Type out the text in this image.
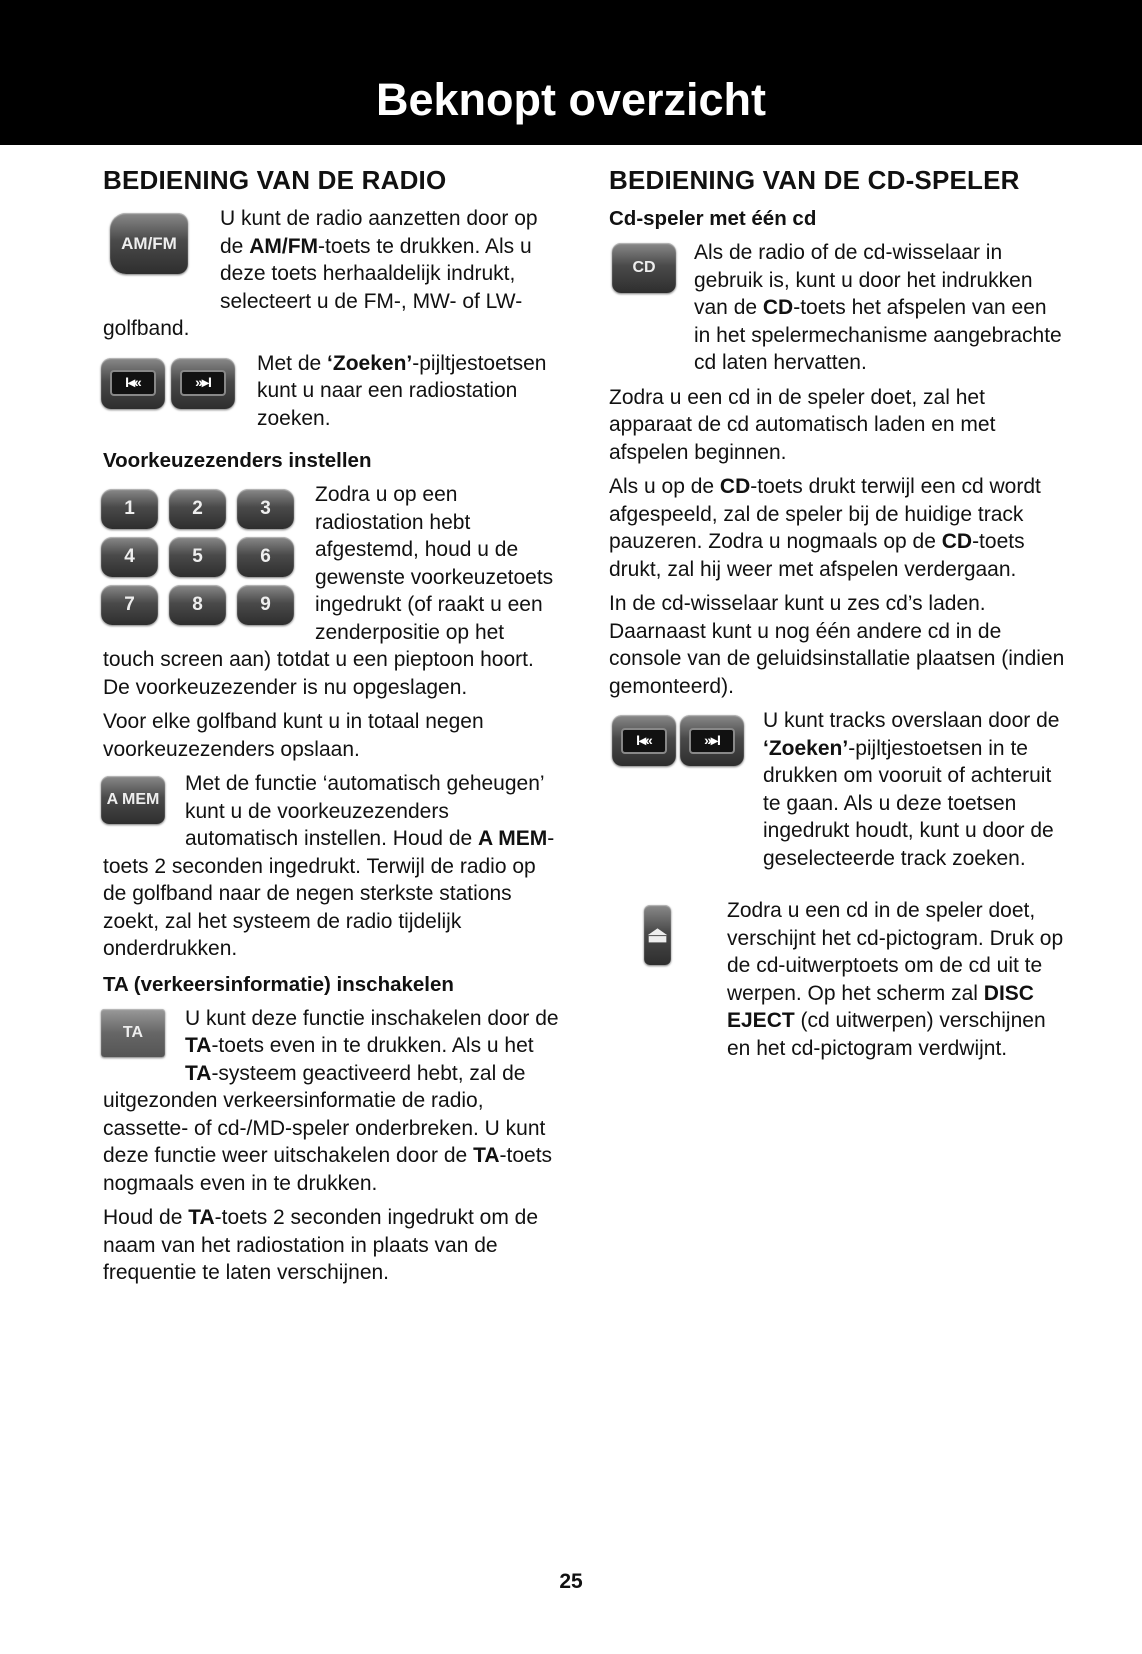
Beknopt overzicht
BEDIENING VAN DE RADIO
AM/FM

U kunt de radio aanzetten door op de AM/FM-toets te drukken. Als u deze toets herhaaldelijk indrukt, selecteert u de FM-, MW- of LW-golfband.

I◂«	»▸I

Met de ‘Zoeken’-pijltjestoetsen kunt u naar een radiostation zoeken.

Voorkeuzezenders instellen
1	2	3
4	5	6
7	8	9

Zodra u op een radiostation hebt afgestemd, houd u de gewenste voorkeuzetoets ingedrukt (of raakt u een zenderpositie op het touch screen aan) totdat u een pieptoon hoort. De voorkeuzezender is nu opgeslagen.

Voor elke golfband kunt u in totaal negen voorkeuzezenders opslaan.

A MEM

Met de functie ‘automatisch geheugen’ kunt u de voorkeuzezenders automatisch instellen. Houd de A MEM-toets 2 seconden ingedrukt. Terwijl de radio op de golfband naar de negen sterkste stations zoekt, zal het systeem de radio tijdelijk onderdrukken.

TA (verkeersinformatie) inschakelen
TA

U kunt deze functie inschakelen door de TA-toets even in te drukken. Als u het TA-systeem geactiveerd hebt, zal de uitgezonden verkeersinformatie de radio, cassette- of cd-/MD-speler onderbreken. U kunt deze functie weer uitschakelen door de TA-toets nogmaals even in te drukken.

Houd de TA-toets 2 seconden ingedrukt om de naam van het radiostation in plaats van de frequentie te laten verschijnen.

BEDIENING VAN DE CD-SPELER
Cd-speler met één cd
CD

Als de radio of de cd-wisselaar in gebruik is, kunt u door het indrukken van de CD-toets het afspelen van een in het spelermechanisme aangebrachte cd laten hervatten.

Zodra u een cd in de speler doet, zal het apparaat de cd automatisch laden en met afspelen beginnen.

Als u op de CD-toets drukt terwijl een cd wordt afgespeeld, zal de speler bij de huidige track pauzeren. Zodra u nogmaals op de CD-toets drukt, zal hij weer met afspelen verdergaan.

In de cd-wisselaar kunt u zes cd’s laden. Daarnaast kunt u nog één andere cd in de console van de geluidsinstallatie plaatsen (indien gemonteerd).

I◂«	»▸I

U kunt tracks overslaan door de ‘Zoeken’-pijltjestoetsen in te drukken om vooruit of achteruit te gaan. Als u deze toetsen ingedrukt houdt, kunt u door de geselecteerde track zoeken.

⏏

Zodra u een cd in de speler doet, verschijnt het cd-pictogram. Druk op de cd-uitwerptoets om de cd uit te werpen. Op het scherm zal DISC EJECT (cd uitwerpen) verschijnen en het cd-pictogram verdwijnt.

25
